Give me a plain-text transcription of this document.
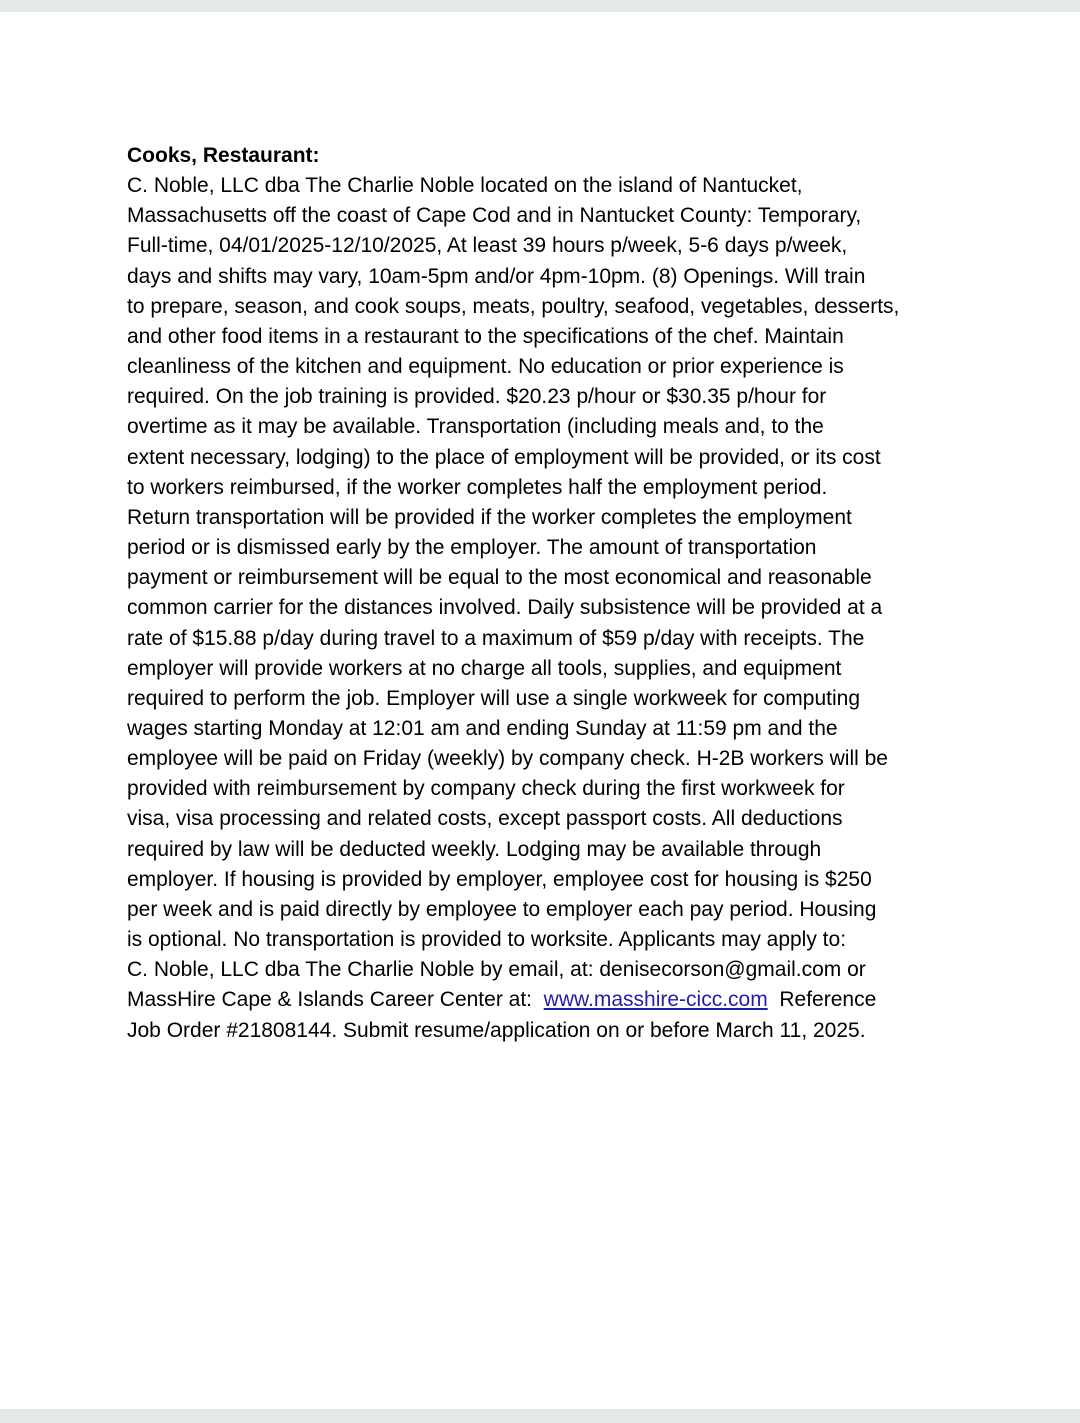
Cooks, Restaurant:
C. Noble, LLC dba The Charlie Noble located on the island of Nantucket,
Massachusetts off the coast of Cape Cod and in Nantucket County: Temporary,
Full-time, 04/01/2025-12/10/2025, At least 39 hours p/week, 5-6 days p/week,
days and shifts may vary, 10am-5pm and/or 4pm-10pm. (8) Openings. Will train
to prepare, season, and cook soups, meats, poultry, seafood, vegetables, desserts,
and other food items in a restaurant to the specifications of the chef. Maintain
cleanliness of the kitchen and equipment. No education or prior experience is
required. On the job training is provided. $20.23 p/hour or $30.35 p/hour for
overtime as it may be available. Transportation (including meals and, to the
extent necessary, lodging) to the place of employment will be provided, or its cost
to workers reimbursed, if the worker completes half the employment period.
Return transportation will be provided if the worker completes the employment
period or is dismissed early by the employer. The amount of transportation
payment or reimbursement will be equal to the most economical and reasonable
common carrier for the distances involved. Daily subsistence will be provided at a
rate of $15.88 p/day during travel to a maximum of $59 p/day with receipts. The
employer will provide workers at no charge all tools, supplies, and equipment
required to perform the job. Employer will use a single workweek for computing
wages starting Monday at 12:01 am and ending Sunday at 11:59 pm and the
employee will be paid on Friday (weekly) by company check. H-2B workers will be
provided with reimbursement by company check during the first workweek for
visa, visa processing and related costs, except passport costs. All deductions
required by law will be deducted weekly. Lodging may be available through
employer. If housing is provided by employer, employee cost for housing is $250
per week and is paid directly by employee to employer each pay period. Housing
is optional. No transportation is provided to worksite. Applicants may apply to:
C. Noble, LLC dba The Charlie Noble by email, at: denisecorson@gmail.com or
MassHire Cape & Islands Career Center at:  www.masshire-cicc.com  Reference
Job Order #21808144. Submit resume/application on or before March 11, 2025.
